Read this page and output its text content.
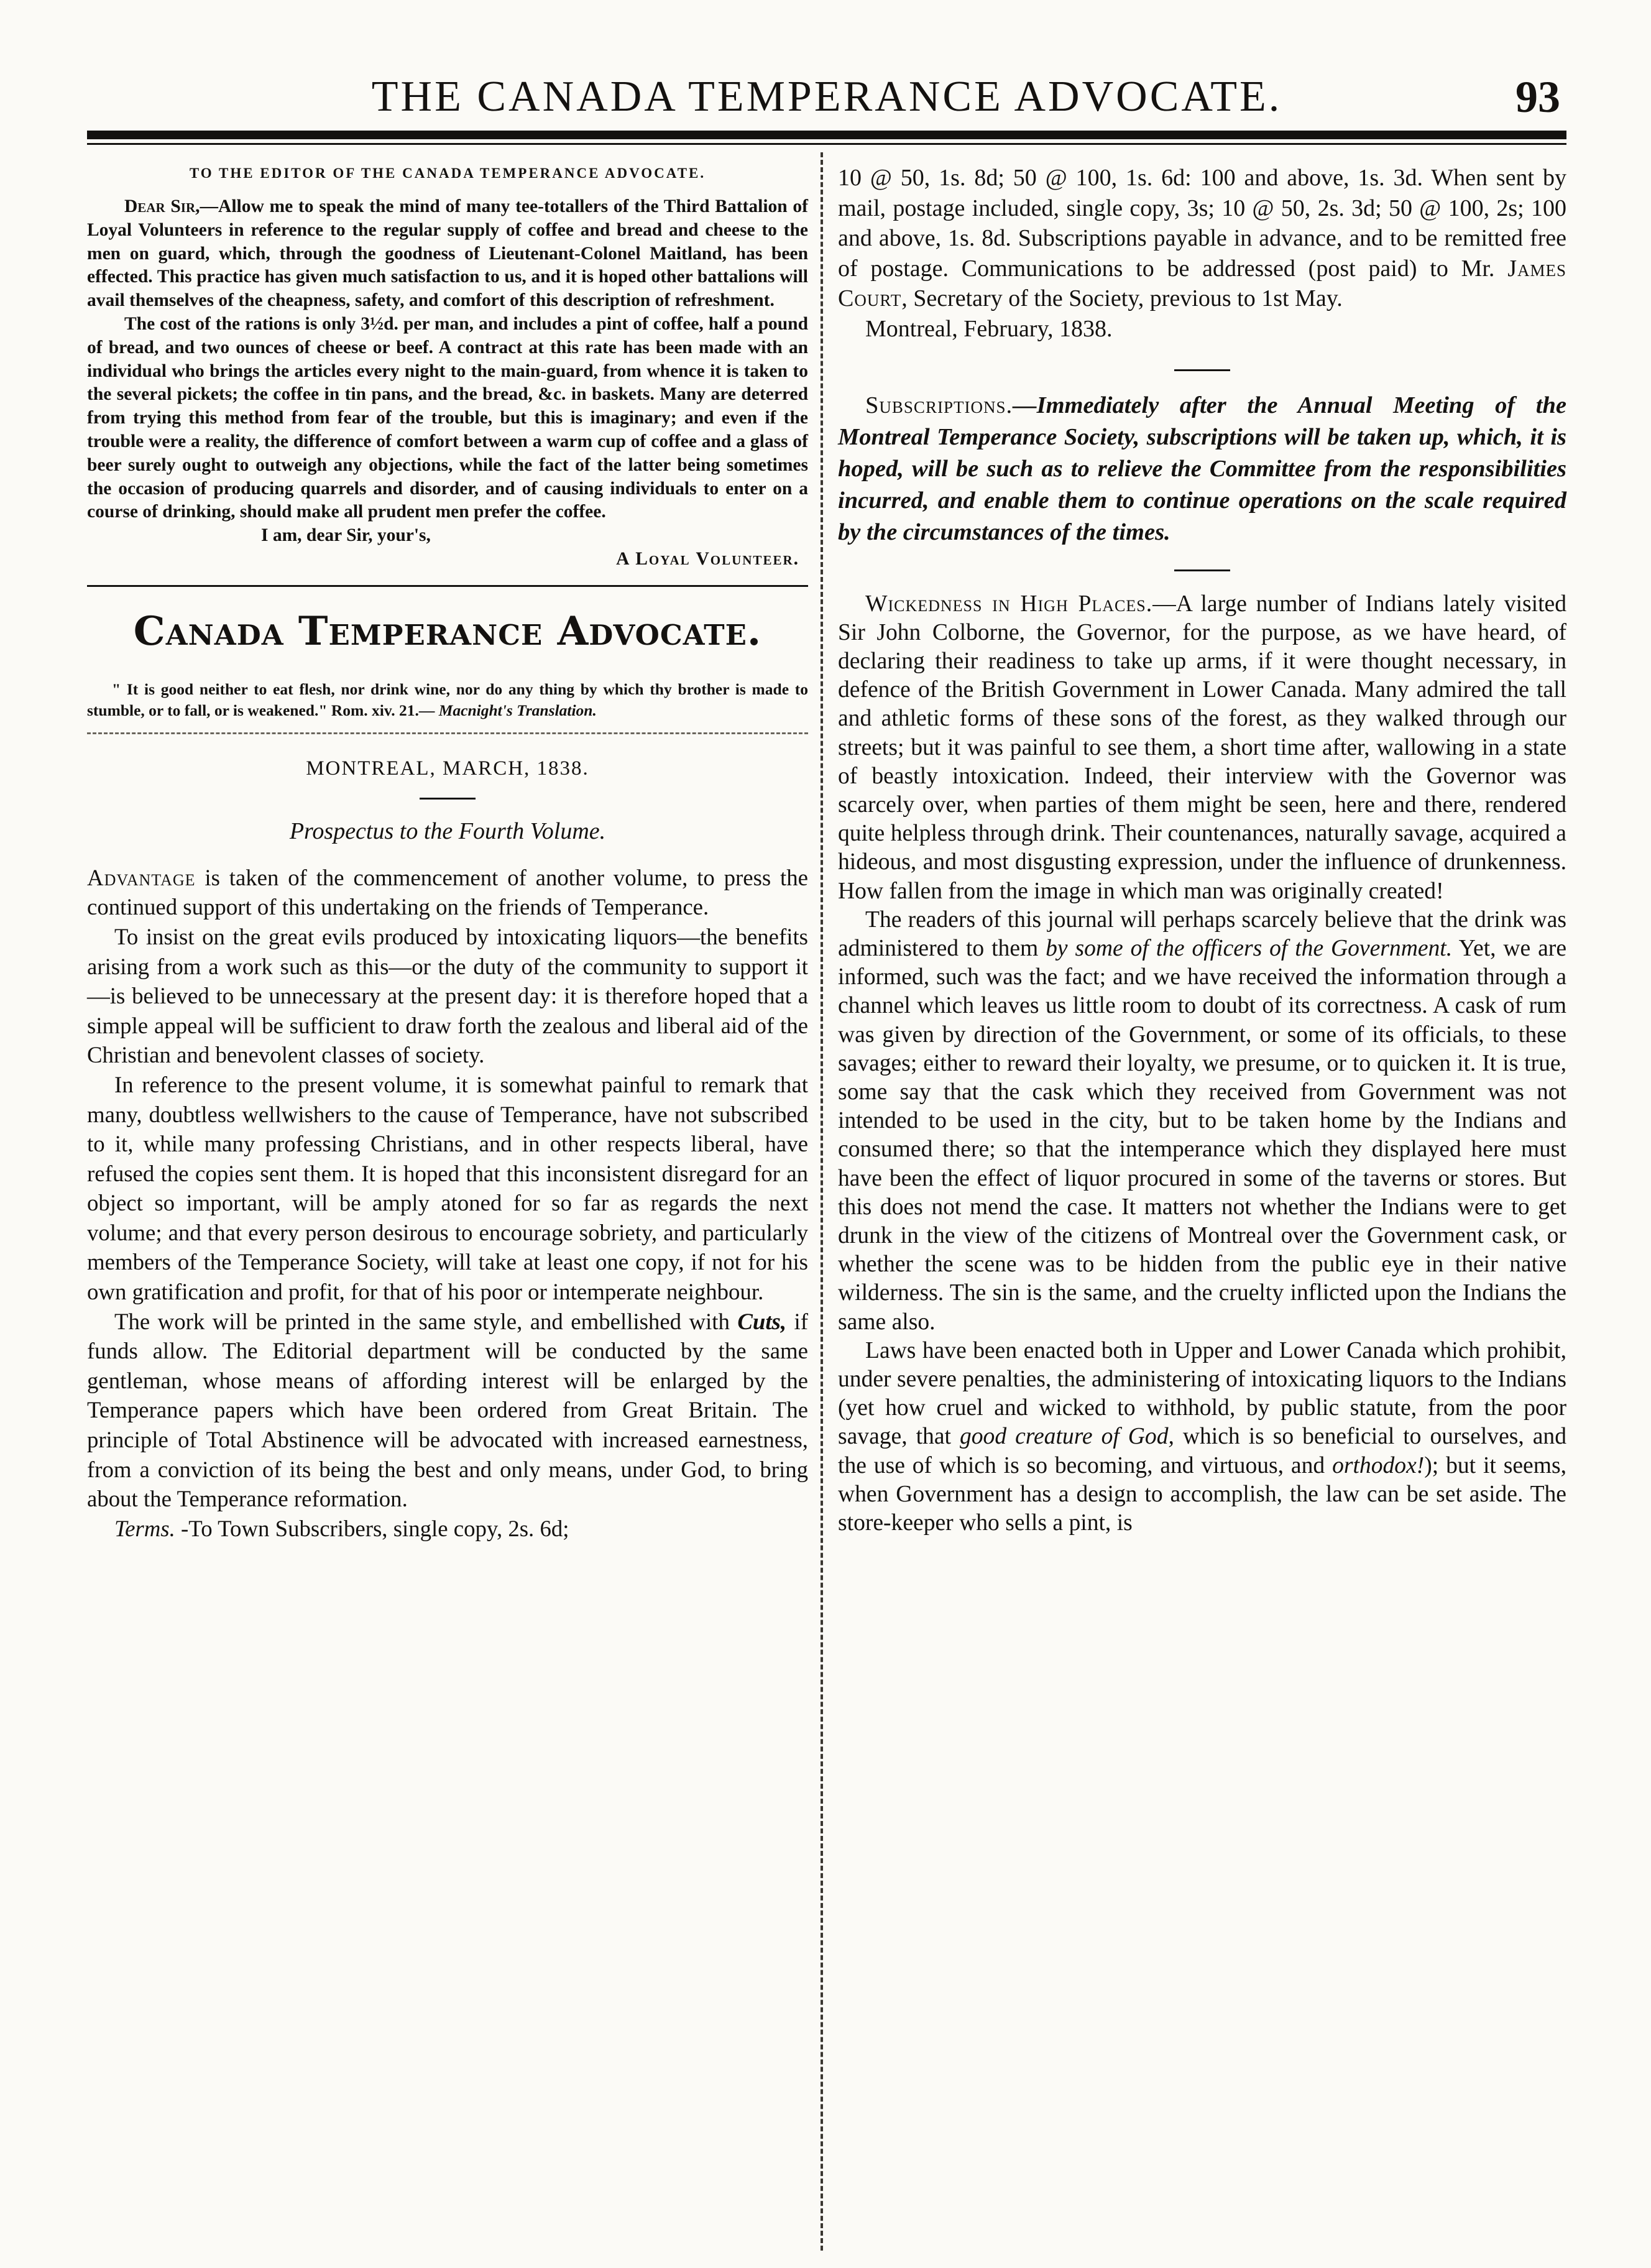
THE CANADA TEMPERANCE ADVOCATE.	93
TO THE EDITOR OF THE CANADA TEMPERANCE ADVOCATE.

Dear Sir,—Allow me to speak the mind of many tee-totallers of the Third Battalion of Loyal Volunteers in reference to the regular supply of coffee and bread and cheese to the men on guard, which, through the goodness of Lieutenant-Colonel Maitland, has been effected. This practice has given much satisfaction to us, and it is hoped other battalions will avail themselves of the cheapness, safety, and comfort of this description of refreshment.

The cost of the rations is only 3½d. per man, and includes a pint of coffee, half a pound of bread, and two ounces of cheese or beef. A contract at this rate has been made with an individual who brings the articles every night to the main-guard, from whence it is taken to the several pickets; the coffee in tin pans, and the bread, &c. in baskets. Many are deterred from trying this method from fear of the trouble, but this is imaginary; and even if the trouble were a reality, the difference of comfort between a warm cup of coffee and a glass of beer surely ought to outweigh any objections, while the fact of the latter being sometimes the occasion of producing quarrels and disorder, and of causing individuals to enter on a course of drinking, should make all prudent men prefer the coffee.

I am, dear Sir, your's,

A Loyal Volunteer.

Canada Temperance Advocate.
" It is good neither to eat flesh, nor drink wine, nor do any thing by which thy brother is made to stumble, or to fall, or is weakened." Rom. xiv. 21.— Macnight's Translation.
MONTREAL, MARCH, 1838.
Prospectus to the Fourth Volume.

Advantage is taken of the commencement of another volume, to press the continued support of this undertaking on the friends of Temperance.

To insist on the great evils produced by intoxicating liquors—the benefits arising from a work such as this—or the duty of the community to support it—is believed to be unnecessary at the present day: it is therefore hoped that a simple appeal will be sufficient to draw forth the zealous and liberal aid of the Christian and benevolent classes of society.

In reference to the present volume, it is somewhat painful to remark that many, doubtless wellwishers to the cause of Temperance, have not subscribed to it, while many professing Christians, and in other respects liberal, have refused the copies sent them. It is hoped that this inconsistent disregard for an object so important, will be amply atoned for so far as regards the next volume; and that every person desirous to encourage sobriety, and particularly members of the Temperance Society, will take at least one copy, if not for his own gratification and profit, for that of his poor or intemperate neighbour.

The work will be printed in the same style, and embellished with Cuts, if funds allow. The Editorial department will be conducted by the same gentleman, whose means of affording interest will be enlarged by the Temperance papers which have been ordered from Great Britain. The principle of Total Abstinence will be advocated with increased earnestness, from a conviction of its being the best and only means, under God, to bring about the Temperance reformation.

Terms. -To Town Subscribers, single copy, 2s. 6d;

10 @ 50, 1s. 8d; 50 @ 100, 1s. 6d: 100 and above, 1s. 3d. When sent by mail, postage included, single copy, 3s; 10 @ 50, 2s. 3d; 50 @ 100, 2s; 100 and above, 1s. 8d. Subscriptions payable in advance, and to be remitted free of postage. Communications to be addressed (post paid) to Mr. James Court, Secretary of the Society, previous to 1st May.

Montreal, February, 1838.

Subscriptions.—Immediately after the Annual Meeting of the Montreal Temperance Society, subscriptions will be taken up, which, it is hoped, will be such as to relieve the Committee from the responsibilities incurred, and enable them to continue operations on the scale required by the circumstances of the times.

Wickedness in High Places.—A large number of Indians lately visited Sir John Colborne, the Governor, for the purpose, as we have heard, of declaring their readiness to take up arms, if it were thought necessary, in defence of the British Government in Lower Canada. Many admired the tall and athletic forms of these sons of the forest, as they walked through our streets; but it was painful to see them, a short time after, wallowing in a state of beastly intoxication. Indeed, their interview with the Governor was scarcely over, when parties of them might be seen, here and there, rendered quite helpless through drink. Their countenances, naturally savage, acquired a hideous, and most disgusting expression, under the influence of drunkenness. How fallen from the image in which man was originally created!

The readers of this journal will perhaps scarcely believe that the drink was administered to them by some of the officers of the Government. Yet, we are informed, such was the fact; and we have received the information through a channel which leaves us little room to doubt of its correctness. A cask of rum was given by direction of the Government, or some of its officials, to these savages; either to reward their loyalty, we presume, or to quicken it. It is true, some say that the cask which they received from Government was not intended to be used in the city, but to be taken home by the Indians and consumed there; so that the intemperance which they displayed here must have been the effect of liquor procured in some of the taverns or stores. But this does not mend the case. It matters not whether the Indians were to get drunk in the view of the citizens of Montreal over the Government cask, or whether the scene was to be hidden from the public eye in their native wilderness. The sin is the same, and the cruelty inflicted upon the Indians the same also.

Laws have been enacted both in Upper and Lower Canada which prohibit, under severe penalties, the administering of intoxicating liquors to the Indians (yet how cruel and wicked to withhold, by public statute, from the poor savage, that good creature of God, which is so beneficial to ourselves, and the use of which is so becoming, and virtuous, and orthodox!); but it seems, when Government has a design to accomplish, the law can be set aside. The store-keeper who sells a pint, is
